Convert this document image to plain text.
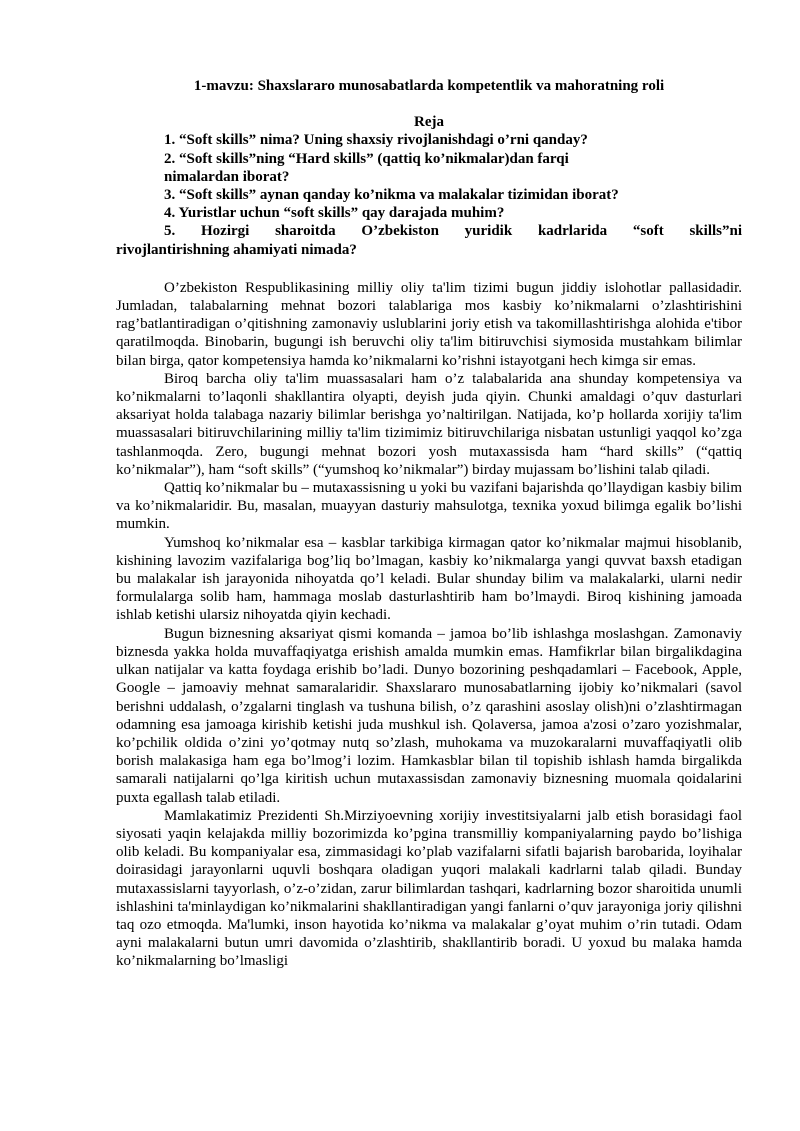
1-mavzu: Shaxslararo munosabatlarda kompetentlik va mahoratning roli
Reja
1. “Soft skills” nima? Uning shaxsiy rivojlanishdagi o’rni qanday?
2. “Soft skills”ning “Hard skills” (qattiq ko’nikmalar)dan farqi
nimalardan iborat?
3. “Soft skills” aynan qanday ko’nikma va malakalar tizimidan iborat?
4. Yuristlar uchun “soft skills” qay darajada muhim?
5. Hozirgi sharoitda O’zbekiston yuridik kadrlarida “soft skills”ni
rivojlantirishning ahamiyati nimada?

O’zbekiston Respublikasining milliy oliy ta'lim tizimi bugun jiddiy islohotlar pallasidadir. Jumladan, talabalarning mehnat bozori talablariga mos kasbiy ko’nikmalarni o’zlashtirishini rag’batlantiradigan o’qitishning zamonaviy uslublarini joriy etish va takomillashtirishga alohida e'tibor qaratilmoqda. Binobarin, bugungi ish beruvchi oliy ta'lim bitiruvchisi siymosida mustahkam bilimlar bilan birga, qator kompetensiya hamda ko’nikmalarni ko’rishni istayotgani hech kimga sir emas.

Biroq barcha oliy ta'lim muassasalari ham o’z talabalarida ana shunday kompetensiya va ko’nikmalarni to’laqonli shakllantira olyapti, deyish juda qiyin. Chunki amaldagi o’quv dasturlari aksariyat holda talabaga nazariy bilimlar berishga yo’naltirilgan. Natijada, ko’p hollarda xorijiy ta'lim muassasalari bitiruvchilarining milliy ta'lim tizimimiz bitiruvchilariga nisbatan ustunligi yaqqol ko’zga tashlanmoqda. Zero, bugungi mehnat bozori yosh mutaxassisda ham “hard skills” (“qattiq ko’nikmalar”), ham “soft skills” (“yumshoq ko’nikmalar”) birday mujassam bo’lishini talab qiladi.

Qattiq ko’nikmalar bu – mutaxassisning u yoki bu vazifani bajarishda qo’llaydigan kasbiy bilim va ko’nikmalaridir. Bu, masalan, muayyan dasturiy mahsulotga, texnika yoxud bilimga egalik bo’lishi mumkin.

Yumshoq ko’nikmalar esa – kasblar tarkibiga kirmagan qator ko’nikmalar majmui hisoblanib, kishining lavozim vazifalariga bog’liq bo’lmagan, kasbiy ko’nikmalarga yangi quvvat baxsh etadigan bu malakalar ish jarayonida nihoyatda qo’l keladi. Bular shunday bilim va malakalarki, ularni nedir formulalarga solib ham, hammaga moslab dasturlashtirib ham bo’lmaydi. Biroq kishining jamoada ishlab ketishi ularsiz nihoyatda qiyin kechadi.

Bugun biznesning aksariyat qismi komanda – jamoa bo’lib ishlashga moslashgan. Zamonaviy biznesda yakka holda muvaffaqiyatga erishish amalda mumkin emas. Hamfikrlar bilan birgalikdagina ulkan natijalar va katta foydaga erishib bo’ladi. Dunyo bozorining peshqadamlari – Facebook, Apple, Google – jamoaviy mehnat samaralaridir. Shaxslararo munosabatlarning ijobiy ko’nikmalari (savol berishni uddalash, o’zgalarni tinglash va tushuna bilish, o’z qarashini asoslay olish)ni o’zlashtirmagan odamning esa jamoaga kirishib ketishi juda mushkul ish. Qolaversa, jamoa a'zosi o’zaro yozishmalar, ko’pchilik oldida o’zini yo’qotmay nutq so’zlash, muhokama va muzokaralarni muvaffaqiyatli olib borish malakasiga ham ega bo’lmog’i lozim. Hamkasblar bilan til topishib ishlash hamda birgalikda samarali natijalarni qo’lga kiritish uchun mutaxassisdan zamonaviy biznesning muomala qoidalarini puxta egallash talab etiladi.

Mamlakatimiz Prezidenti Sh.Mirziyoevning xorijiy investitsiyalarni jalb etish borasidagi faol siyosati yaqin kelajakda milliy bozorimizda ko’pgina transmilliy kompaniyalarning paydo bo’lishiga olib keladi. Bu kompaniyalar esa, zimmasidagi ko’plab vazifalarni sifatli bajarish barobarida, loyihalar doirasidagi jarayonlarni uquvli boshqara oladigan yuqori malakali kadrlarni talab qiladi. Bunday mutaxassislarni tayyorlash, o’z-o’zidan, zarur bilimlardan tashqari, kadrlarning bozor sharoitida unumli ishlashini ta'minlaydigan ko’nikmalarini shakllantiradigan yangi fanlarni o’quv jarayoniga joriy qilishni taq ozo etmoqda. Ma'lumki, inson hayotida ko’nikma va malakalar g’oyat muhim o’rin tutadi. Odam ayni malakalarni butun umri davomida o’zlashtirib, shakllantirib boradi. U yoxud bu malaka hamda ko’nikmalarning bo’lmasligi
